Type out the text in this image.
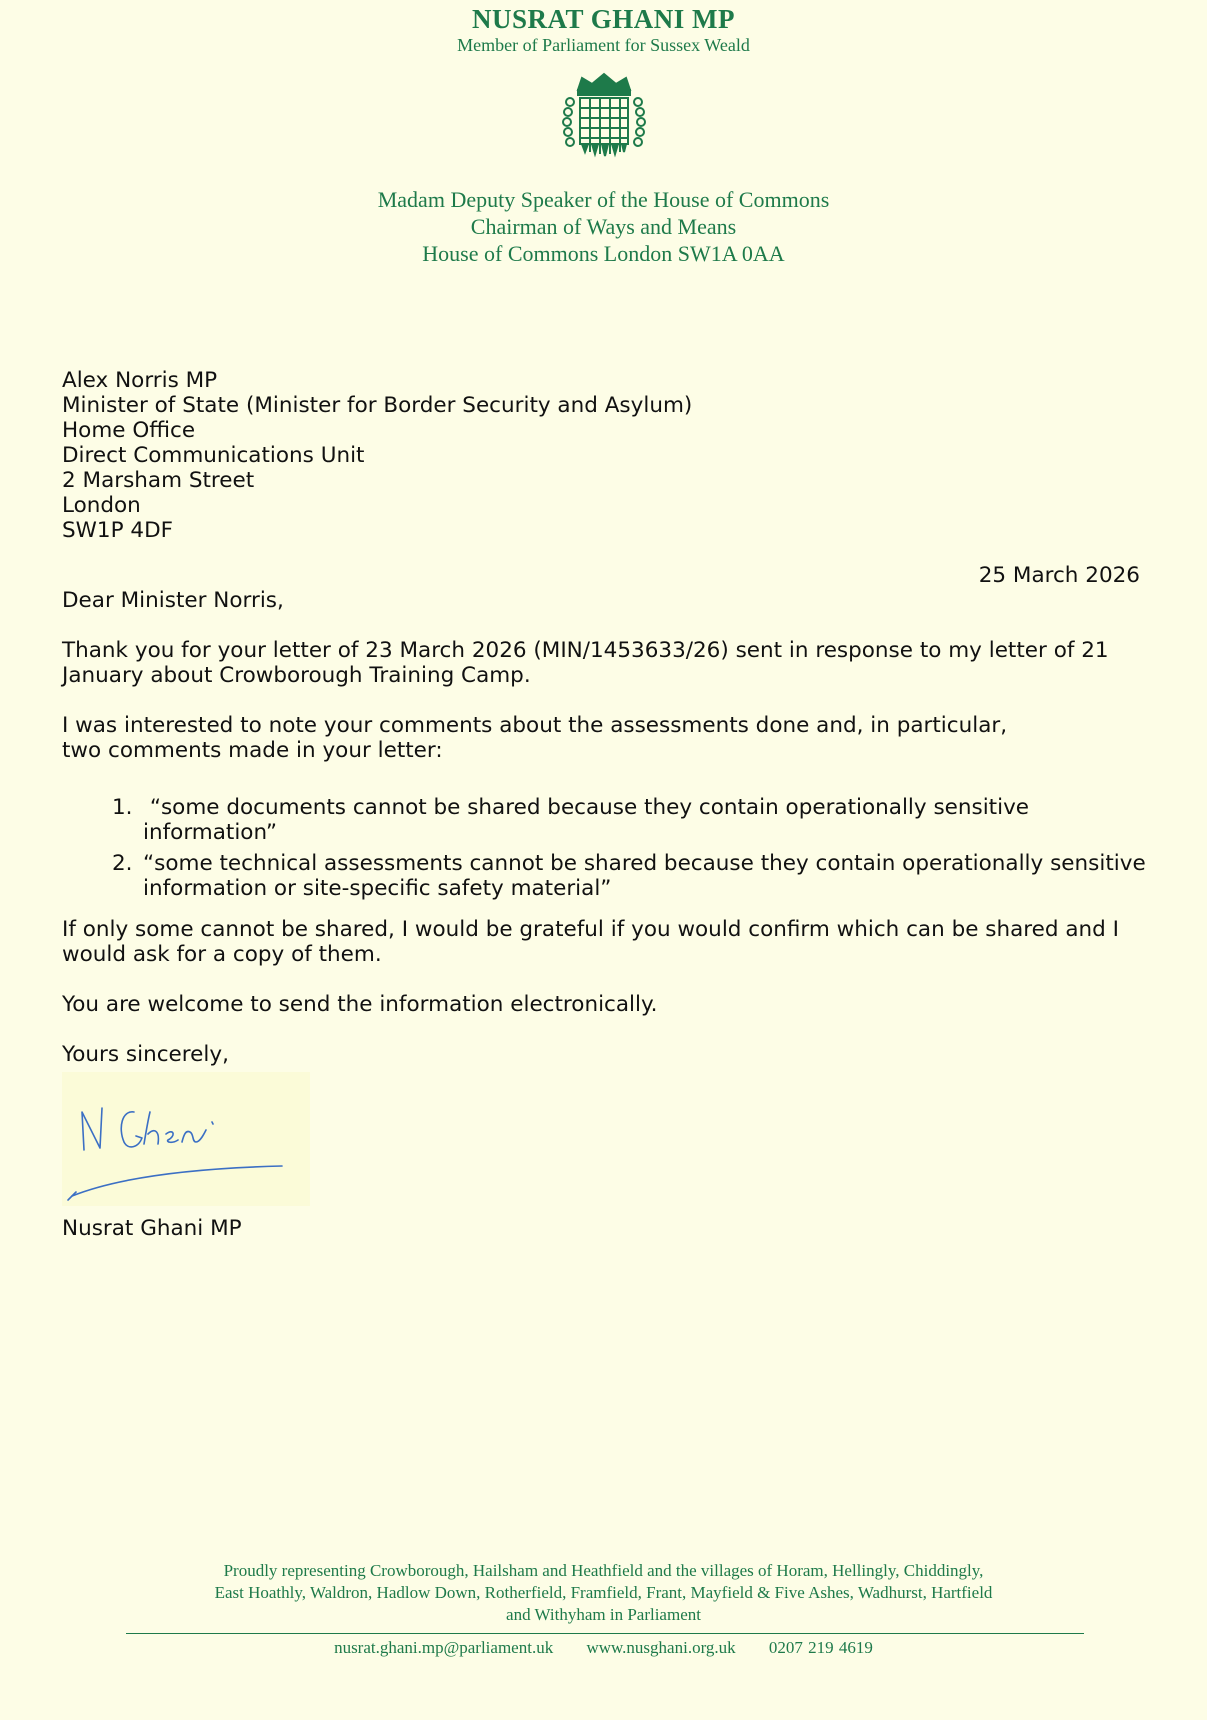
NUSRAT GHANI MP
Member of Parliament for Sussex Weald
Madam Deputy Speaker of the House of Commons
Chairman of Ways and Means
House of Commons London SW1A 0AA
Alex Norris MP
Minister of State (Minister for Border Security and Asylum)
Home Office
Direct Communications Unit
2 Marsham Street
London
SW1P 4DF
25 March 2026
Dear Minister Norris,
Thank you for your letter of 23 March 2026 (MIN/1453633/26) sent in response to my letter of 21
January about Crowborough Training Camp.
I was interested to note your comments about the assessments done and, in particular,
two comments made in your letter:
1. “some documents cannot be shared because they contain operationally sensitive
information”
2. “some technical assessments cannot be shared because they contain operationally sensitive
information or site-specific safety material”
If only some cannot be shared, I would be grateful if you would confirm which can be shared and I
would ask for a copy of them.
You are welcome to send the information electronically.
Yours sincerely,
Nusrat Ghani MP
Proudly representing Crowborough, Hailsham and Heathfield and the villages of Horam, Hellingly, Chiddingly,
East Hoathly, Waldron, Hadlow Down, Rotherfield, Framfield, Frant, Mayfield & Five Ashes, Wadhurst, Hartfield
and Withyham in Parliament
nusrat.ghani.mp@parliament.uk www.nusghani.org.uk 0207 219 4619
